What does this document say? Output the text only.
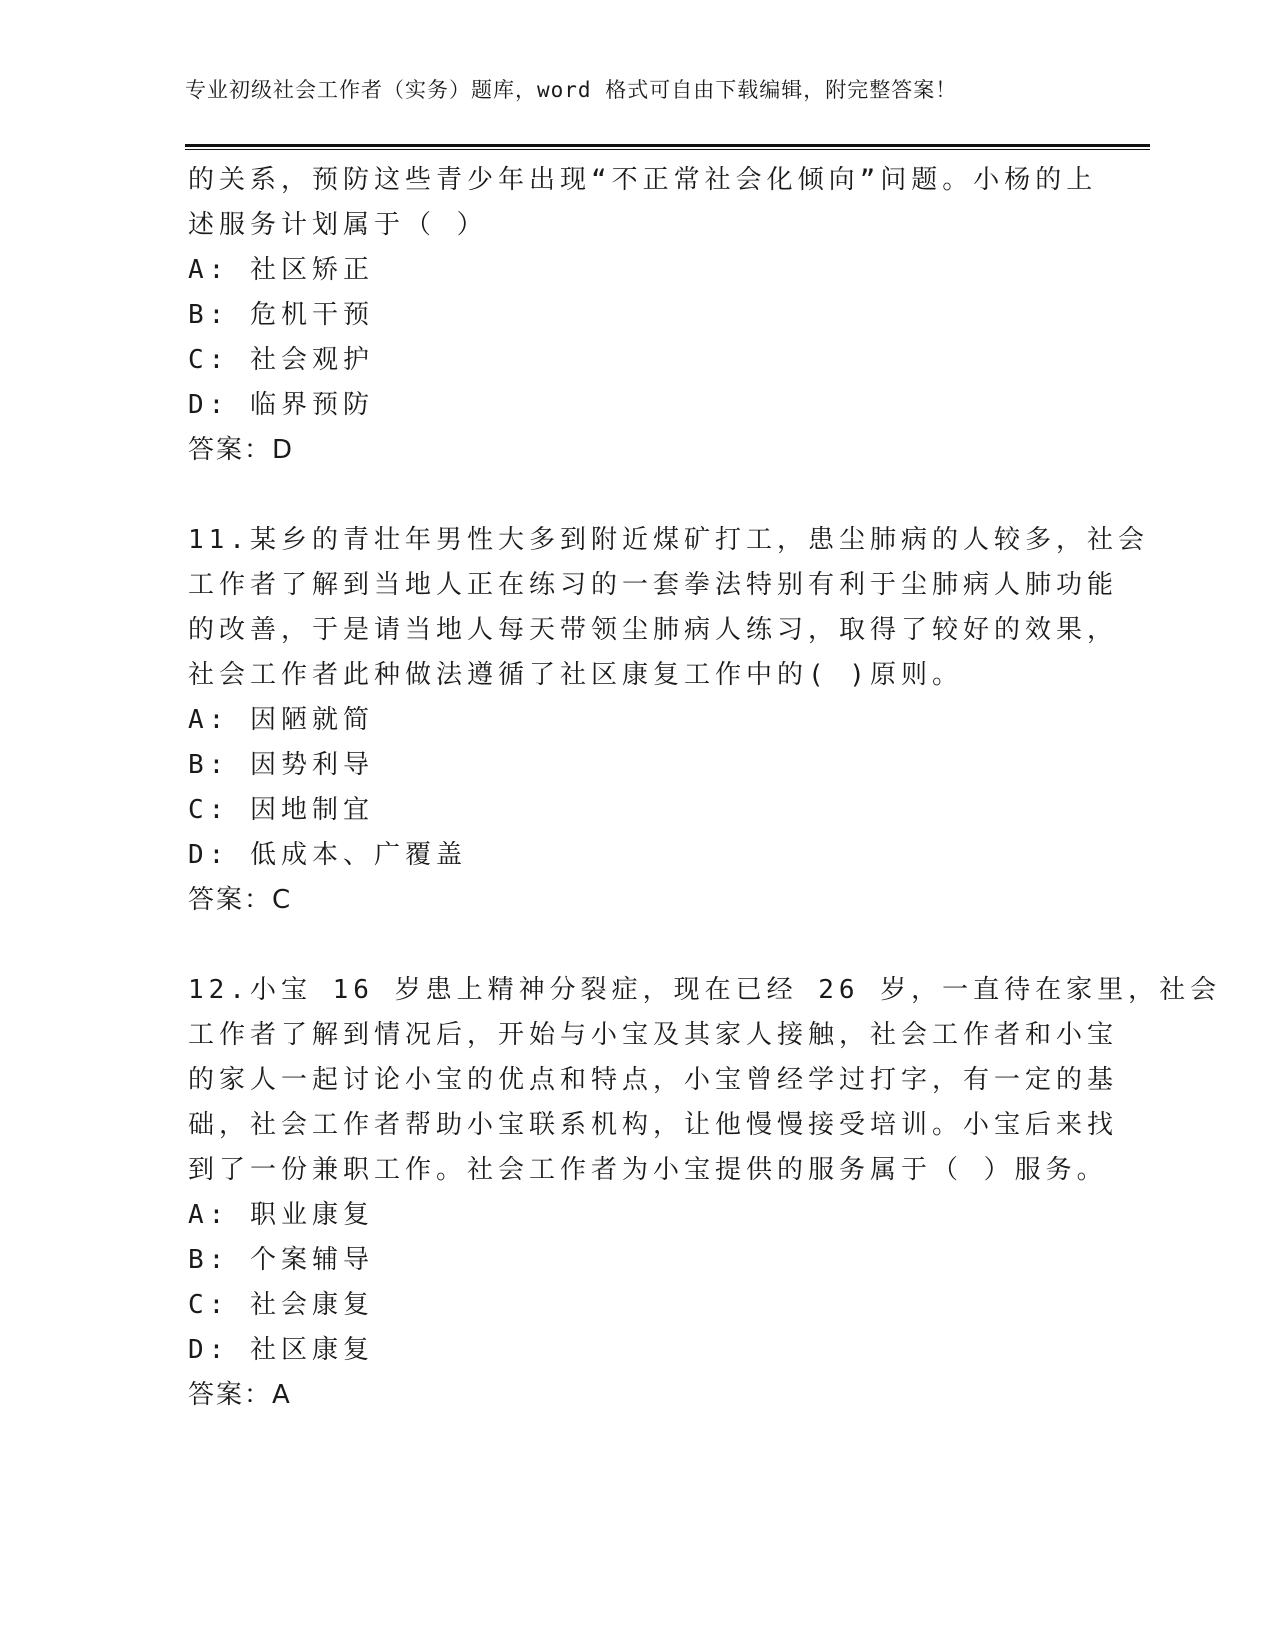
专业初级社会工作者（实务）题库，word 格式可自由下载编辑，附完整答案！
的关系，预防这些青少年出现“不正常社会化倾向”问题。小杨的上
述服务计划属于（ ）
A: 社区矫正
B: 危机干预
C: 社会观护
D: 临界预防
答案：D
11.某乡的青壮年男性大多到附近煤矿打工，患尘肺病的人较多，社会
工作者了解到当地人正在练习的一套拳法特别有利于尘肺病人肺功能
的改善，于是请当地人每天带领尘肺病人练习，取得了较好的效果，
社会工作者此种做法遵循了社区康复工作中的( )原则。
A: 因陋就简
B: 因势利导
C: 因地制宜
D: 低成本、广覆盖
答案：C
12.小宝 16 岁患上精神分裂症，现在已经 26 岁，一直待在家里，社会
工作者了解到情况后，开始与小宝及其家人接触，社会工作者和小宝
的家人一起讨论小宝的优点和特点，小宝曾经学过打字，有一定的基
础，社会工作者帮助小宝联系机构，让他慢慢接受培训。小宝后来找
到了一份兼职工作。社会工作者为小宝提供的服务属于（ ）服务。
A: 职业康复
B: 个案辅导
C: 社会康复
D: 社区康复
答案：A
